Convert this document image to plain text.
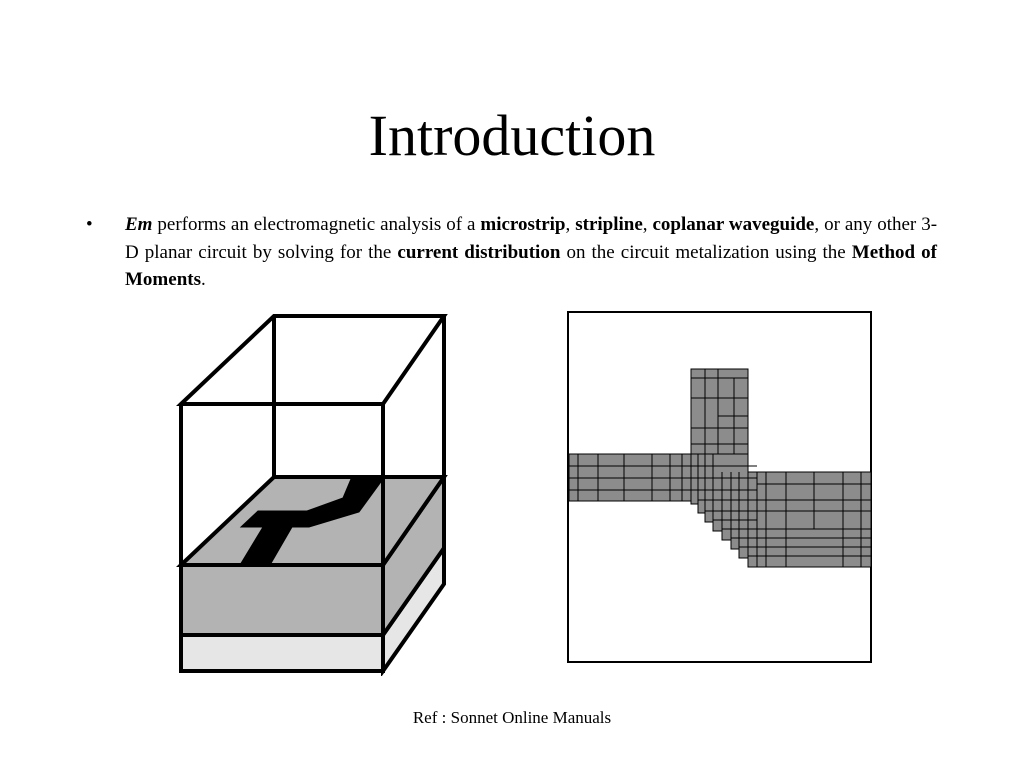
Introduction
• Em performs an electromagnetic analysis of a microstrip, stripline, coplanar waveguide, or any other 3-D planar circuit by solving for the current distribution on the circuit metalization using the Method of Moments.
Ref : Sonnet Online Manuals
